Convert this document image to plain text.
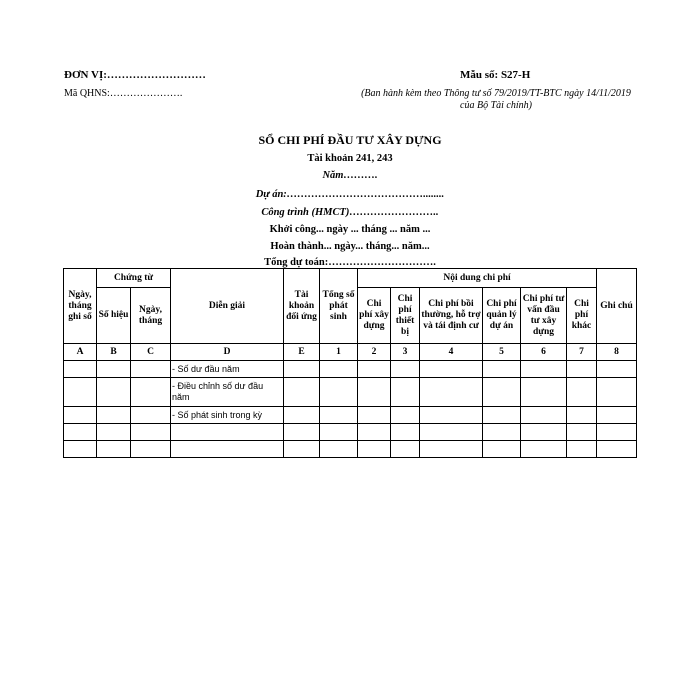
ĐƠN VỊ:………………………
Mã QHNS:………………….
Mẫu số: S27-H
(Ban hành kèm theo Thông tư số 79/2019/TT-BTC ngày 14/11/2019 của Bộ Tài chính)
SỔ CHI PHÍ ĐẦU TƯ XÂY DỰNG
Tài khoản 241, 243
Năm……….
Dự án:…………………………………........
Công trình (HMCT)……………………..
Khởi công... ngày ... tháng ... năm ...
Hoàn thành... ngày... tháng... năm...
Tổng dự toán:………………………….
Ngày, tháng ghi sổ	Chứng từ		Diễn giải	Tài khoản đối ứng	Tổng số phát sinh	Nội dung chi phí						Ghi chú
	Số hiệu	Ngày, tháng				Chi phí xây dựng	Chi phí thiết bị	Chi phí bồi thường, hỗ trợ và tái định cư	Chi phí quản lý dự án	Chi phí tư vấn đầu tư xây dựng	Chi phí khác	
A	B	C	D	E	1	2	3	4	5	6	7	8
			- Số dư đầu năm									
			- Điều chỉnh số dư đầu năm									
			- Số phát sinh trong kỳ									
